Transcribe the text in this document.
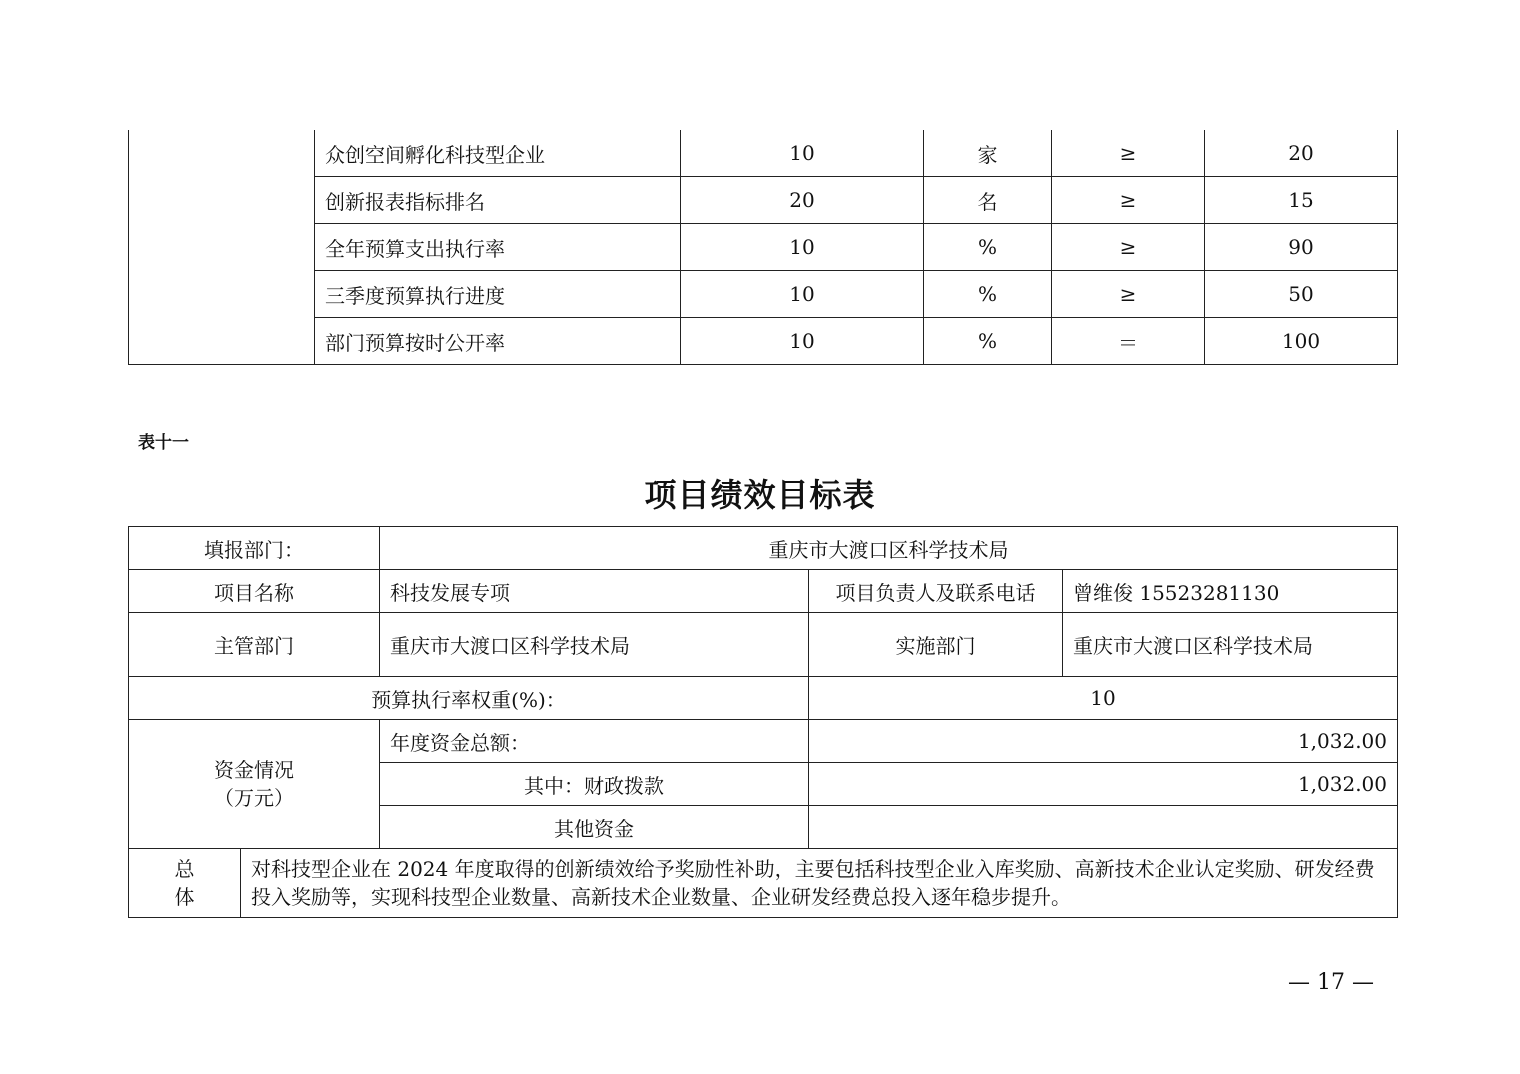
	众创空间孵化科技型企业	10	家	≥	20
	创新报表指标排名	20	名	≥	15
	全年预算支出执行率	10	%	≥	90
	三季度预算执行进度	10	%	≥	50
	部门预算按时公开率	10	%	＝	100
表十一
项目绩效目标表
填报部门：		重庆市大渡口区科学技术局		
项目名称		科技发展专项	项目负责人及联系电话	曾维俊 15523281130
主管部门		重庆市大渡口区科学技术局	实施部门	重庆市大渡口区科学技术局
预算执行率权重(%)：			10	

资金情况
（万元）		年度资金总额：	1,032.00	
		其中：财政拨款	1,032.00	
		其他资金		

总
体	对科技型企业在 2024 年度取得的创新绩效给予奖励性补助，主要包括科技型企业入库奖励、高新技术企业认定奖励、研发经费投入奖励等，实现科技型企业数量、高新技术企业数量、企业研发经费总投入逐年稳步提升。			
— 17 —
